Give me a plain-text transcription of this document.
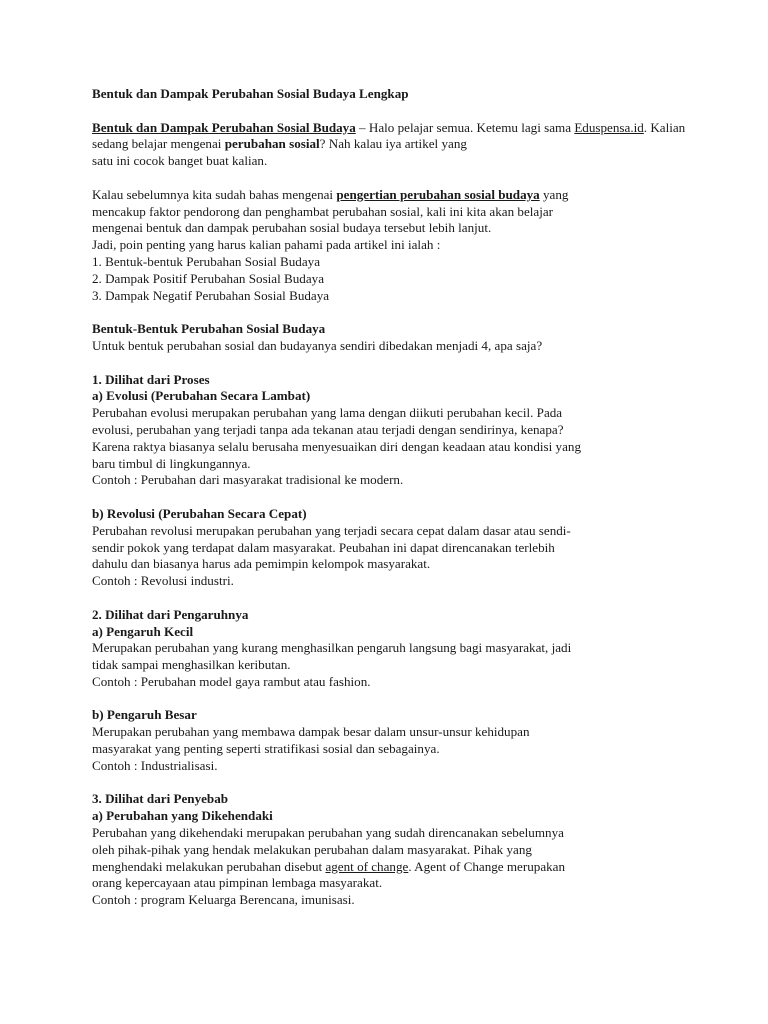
Bentuk dan Dampak Perubahan Sosial Budaya Lengkap

Bentuk dan Dampak Perubahan Sosial Budaya – Halo pelajar semua. Ketemu lagi sama Eduspensa.id. Kalian sedang belajar mengenai perubahan sosial? Nah kalau iya artikel yang
satu ini cocok banget buat kalian.

Kalau sebelumnya kita sudah bahas mengenai pengertian perubahan sosial budaya yang
mencakup faktor pendorong dan penghambat perubahan sosial, kali ini kita akan belajar
mengenai bentuk dan dampak perubahan sosial budaya tersebut lebih lanjut.
Jadi, poin penting yang harus kalian pahami pada artikel ini ialah :
1. Bentuk-bentuk Perubahan Sosial Budaya
2. Dampak Positif Perubahan Sosial Budaya
3. Dampak Negatif Perubahan Sosial Budaya

Bentuk-Bentuk Perubahan Sosial Budaya
Untuk bentuk perubahan sosial dan budayanya sendiri dibedakan menjadi 4, apa saja?

1. Dilihat dari Proses
a) Evolusi (Perubahan Secara Lambat)
Perubahan evolusi merupakan perubahan yang lama dengan diikuti perubahan kecil. Pada
evolusi, perubahan yang terjadi tanpa ada tekanan atau terjadi dengan sendirinya, kenapa?
Karena raktya biasanya selalu berusaha menyesuaikan diri dengan keadaan atau kondisi yang
baru timbul di lingkungannya.
Contoh : Perubahan dari masyarakat tradisional ke modern.

b) Revolusi (Perubahan Secara Cepat)
Perubahan revolusi merupakan perubahan yang terjadi secara cepat dalam dasar atau sendi-
sendir pokok yang terdapat dalam masyarakat. Peubahan ini dapat direncanakan terlebih
dahulu dan biasanya harus ada pemimpin kelompok masyarakat.
Contoh : Revolusi industri.

2. Dilihat dari Pengaruhnya
a) Pengaruh Kecil
Merupakan perubahan yang kurang menghasilkan pengaruh langsung bagi masyarakat, jadi
tidak sampai menghasilkan keributan.
Contoh : Perubahan model gaya rambut atau fashion.

b) Pengaruh Besar
Merupakan perubahan yang membawa dampak besar dalam unsur-unsur kehidupan
masyarakat yang penting seperti stratifikasi sosial dan sebagainya.
Contoh : Industrialisasi.

3. Dilihat dari Penyebab
a) Perubahan yang Dikehendaki
Perubahan yang dikehendaki merupakan perubahan yang sudah direncanakan sebelumnya
oleh pihak-pihak yang hendak melakukan perubahan dalam masyarakat. Pihak yang
menghendaki melakukan perubahan disebut agent of change. Agent of Change merupakan
orang kepercayaan atau pimpinan lembaga masyarakat.
Contoh : program Keluarga Berencana, imunisasi.
